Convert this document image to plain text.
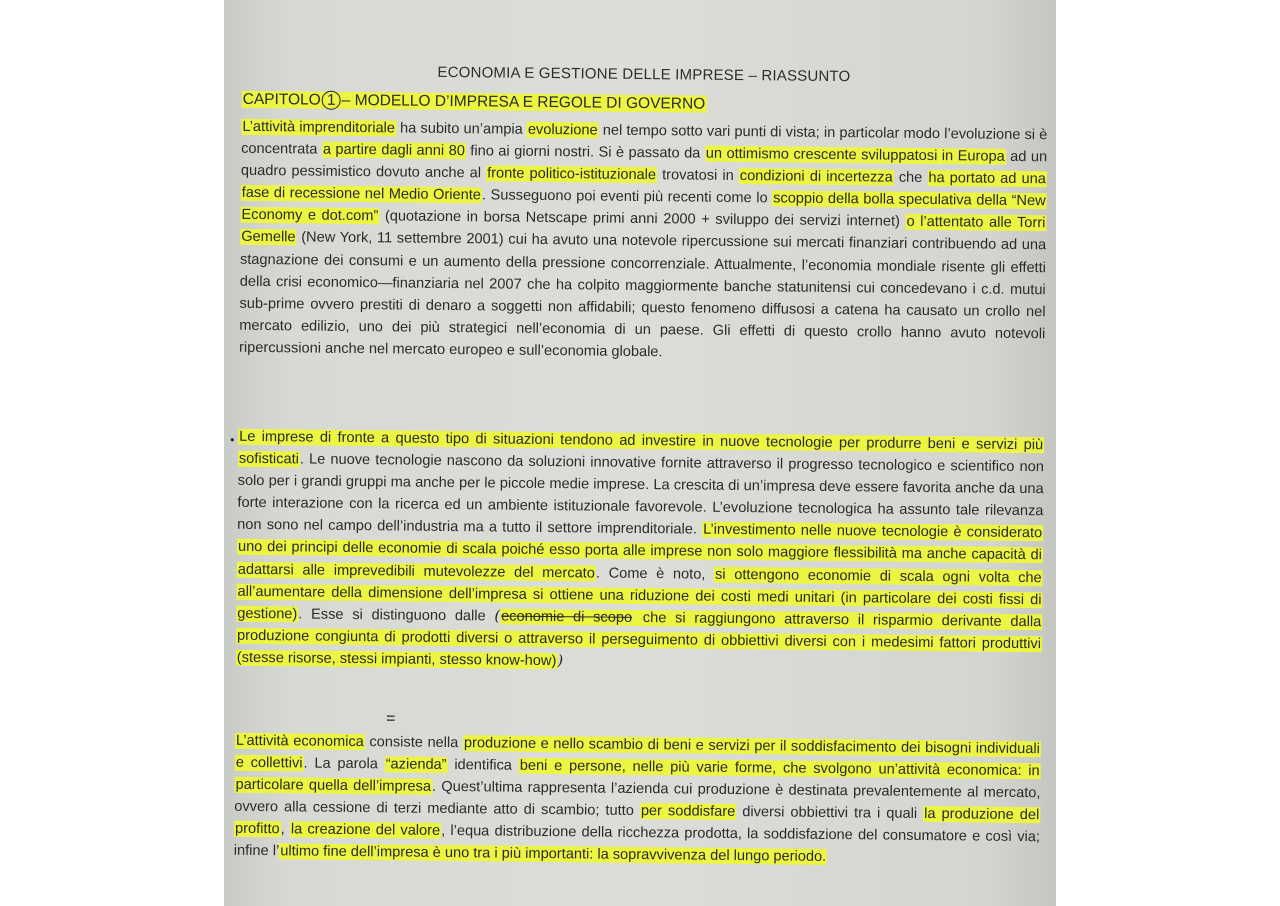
ECONOMIA E GESTIONE DELLE IMPRESE – RIASSUNTO
CAPITOLO 1 – MODELLO D’IMPRESA E REGOLE DI GOVERNO

L’attività imprenditoriale ha subito un’ampia evoluzione nel tempo sotto vari punti di vista; in particolar modo l’evoluzione si è concentrata a partire dagli anni 80 fino ai giorni nostri. Si è passato da un ottimismo crescente sviluppatosi in Europa ad un quadro pessimistico dovuto anche al fronte politico-istituzionale trovatosi in condizioni di incertezza che ha portato ad una fase di recessione nel Medio Oriente. Susseguono poi eventi più recenti come lo scoppio della bolla speculativa della “New Economy e dot.com” (quotazione in borsa Netscape primi anni 2000 + sviluppo dei servizi internet) o l’attentato alle Torri Gemelle (New York, 11 settembre 2001) cui ha avuto una notevole ripercussione sui mercati finanziari contribuendo ad una stagnazione dei consumi e un aumento della pressione concorrenziale. Attualmente, l’economia mondiale risente gli effetti della crisi economico—finanziaria nel 2007 che ha colpito maggiormente banche statunitensi cui concedevano i c.d. mutui sub-prime ovvero prestiti di denaro a soggetti non affidabili; questo fenomeno diffusosi a catena ha causato un crollo nel mercato edilizio, uno dei più strategici nell’economia di un paese. Gli effetti di questo crollo hanno avuto notevoli ripercussioni anche nel mercato europeo e sull’economia globale.

• Le imprese di fronte a questo tipo di situazioni tendono ad investire in nuove tecnologie per produrre beni e servizi più sofisticati. Le nuove tecnologie nascono da soluzioni innovative fornite attraverso il progresso tecnologico e scientifico non solo per i grandi gruppi ma anche per le piccole medie imprese. La crescita di un’impresa deve essere favorita anche da una forte interazione con la ricerca ed un ambiente istituzionale favorevole. L’evoluzione tecnologica ha assunto tale rilevanza non sono nel campo dell’industria ma a tutto il settore imprenditoriale. L’investimento nelle nuove tecnologie è considerato uno dei principi delle economie di scala poiché esso porta alle imprese non solo maggiore flessibilità ma anche capacità di adattarsi alle imprevedibili mutevolezze del mercato. Come è noto, si ottengono economie di scala ogni volta che all’aumentare della dimensione dell’impresa si ottiene una riduzione dei costi medi unitari (in particolare dei costi fissi di gestione). Esse si distinguono dalle (economie di scopo che si raggiungono attraverso il risparmio derivante dalla produzione congiunta di prodotti diversi o attraverso il perseguimento di obbiettivi diversi con i medesimi fattori produttivi (stesse risorse, stessi impianti, stesso know-how))

=

L’attività economica consiste nella produzione e nello scambio di beni e servizi per il soddisfacimento dei bisogni individuali e collettivi. La parola “azienda” identifica beni e persone, nelle più varie forme, che svolgono un’attività economica: in particolare quella dell’impresa. Quest’ultima rappresenta l’azienda cui produzione è destinata prevalentemente al mercato, ovvero alla cessione di terzi mediante atto di scambio; tutto per soddisfare diversi obbiettivi tra i quali la produzione del profitto, la creazione del valore, l’equa distribuzione della ricchezza prodotta, la soddisfazione del consumatore e così via; infine l’ultimo fine dell’impresa è uno tra i più importanti: la sopravvivenza del lungo periodo.
